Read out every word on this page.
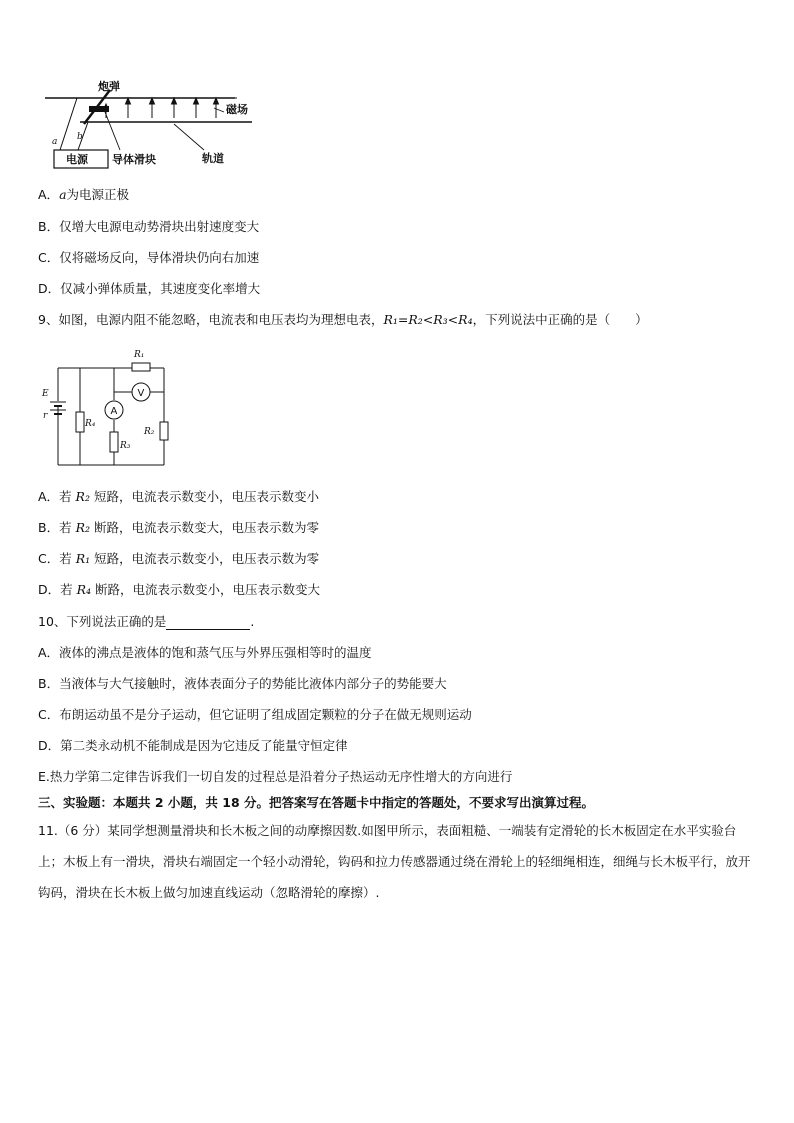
电源
炮弹
磁场
轨道
导体滑块
a b
A．a为电源正极
B．仅增大电源电动势滑块出射速度变大
C．仅将磁场反向，导体滑块仍向右加速
D．仅减小弹体质量，其速度变化率增大
9、如图，电源内阻不能忽略，电流表和电压表均为理想电表，R₁=R₂<R₃<R₄，下列说法中正确的是（　　）
E
r
R₁
R₂
R₃
R₄
A
V
A．若 R₂ 短路，电流表示数变小，电压表示数变小
B．若 R₂ 断路，电流表示数变大，电压表示数为零
C．若 R₁ 短路，电流表示数变小，电压表示数为零
D．若 R₄ 断路，电流表示数变小，电压表示数变大
10、下列说法正确的是	.
A．液体的沸点是液体的饱和蒸气压与外界压强相等时的温度
B．当液体与大气接触时，液体表面分子的势能比液体内部分子的势能要大
C．布朗运动虽不是分子运动，但它证明了组成固定颗粒的分子在做无规则运动
D．第二类永动机不能制成是因为它违反了能量守恒定律
E.热力学第二定律告诉我们一切自发的过程总是沿着分子热运动无序性增大的方向进行
三、实验题：本题共 2 小题，共 18 分。把答案写在答题卡中指定的答题处，不要求写出演算过程。
11.（6 分）某同学想测量滑块和长木板之间的动摩擦因数.如图甲所示，表面粗糙、一端装有定滑轮的长木板固定在水平实验台上；木板上有一滑块，滑块右端固定一个轻小动滑轮，钩码和拉力传感器通过绕在滑轮上的轻细绳相连，细绳与长木板平行，放开钩码，滑块在长木板上做匀加速直线运动（忽略滑轮的摩擦）.
